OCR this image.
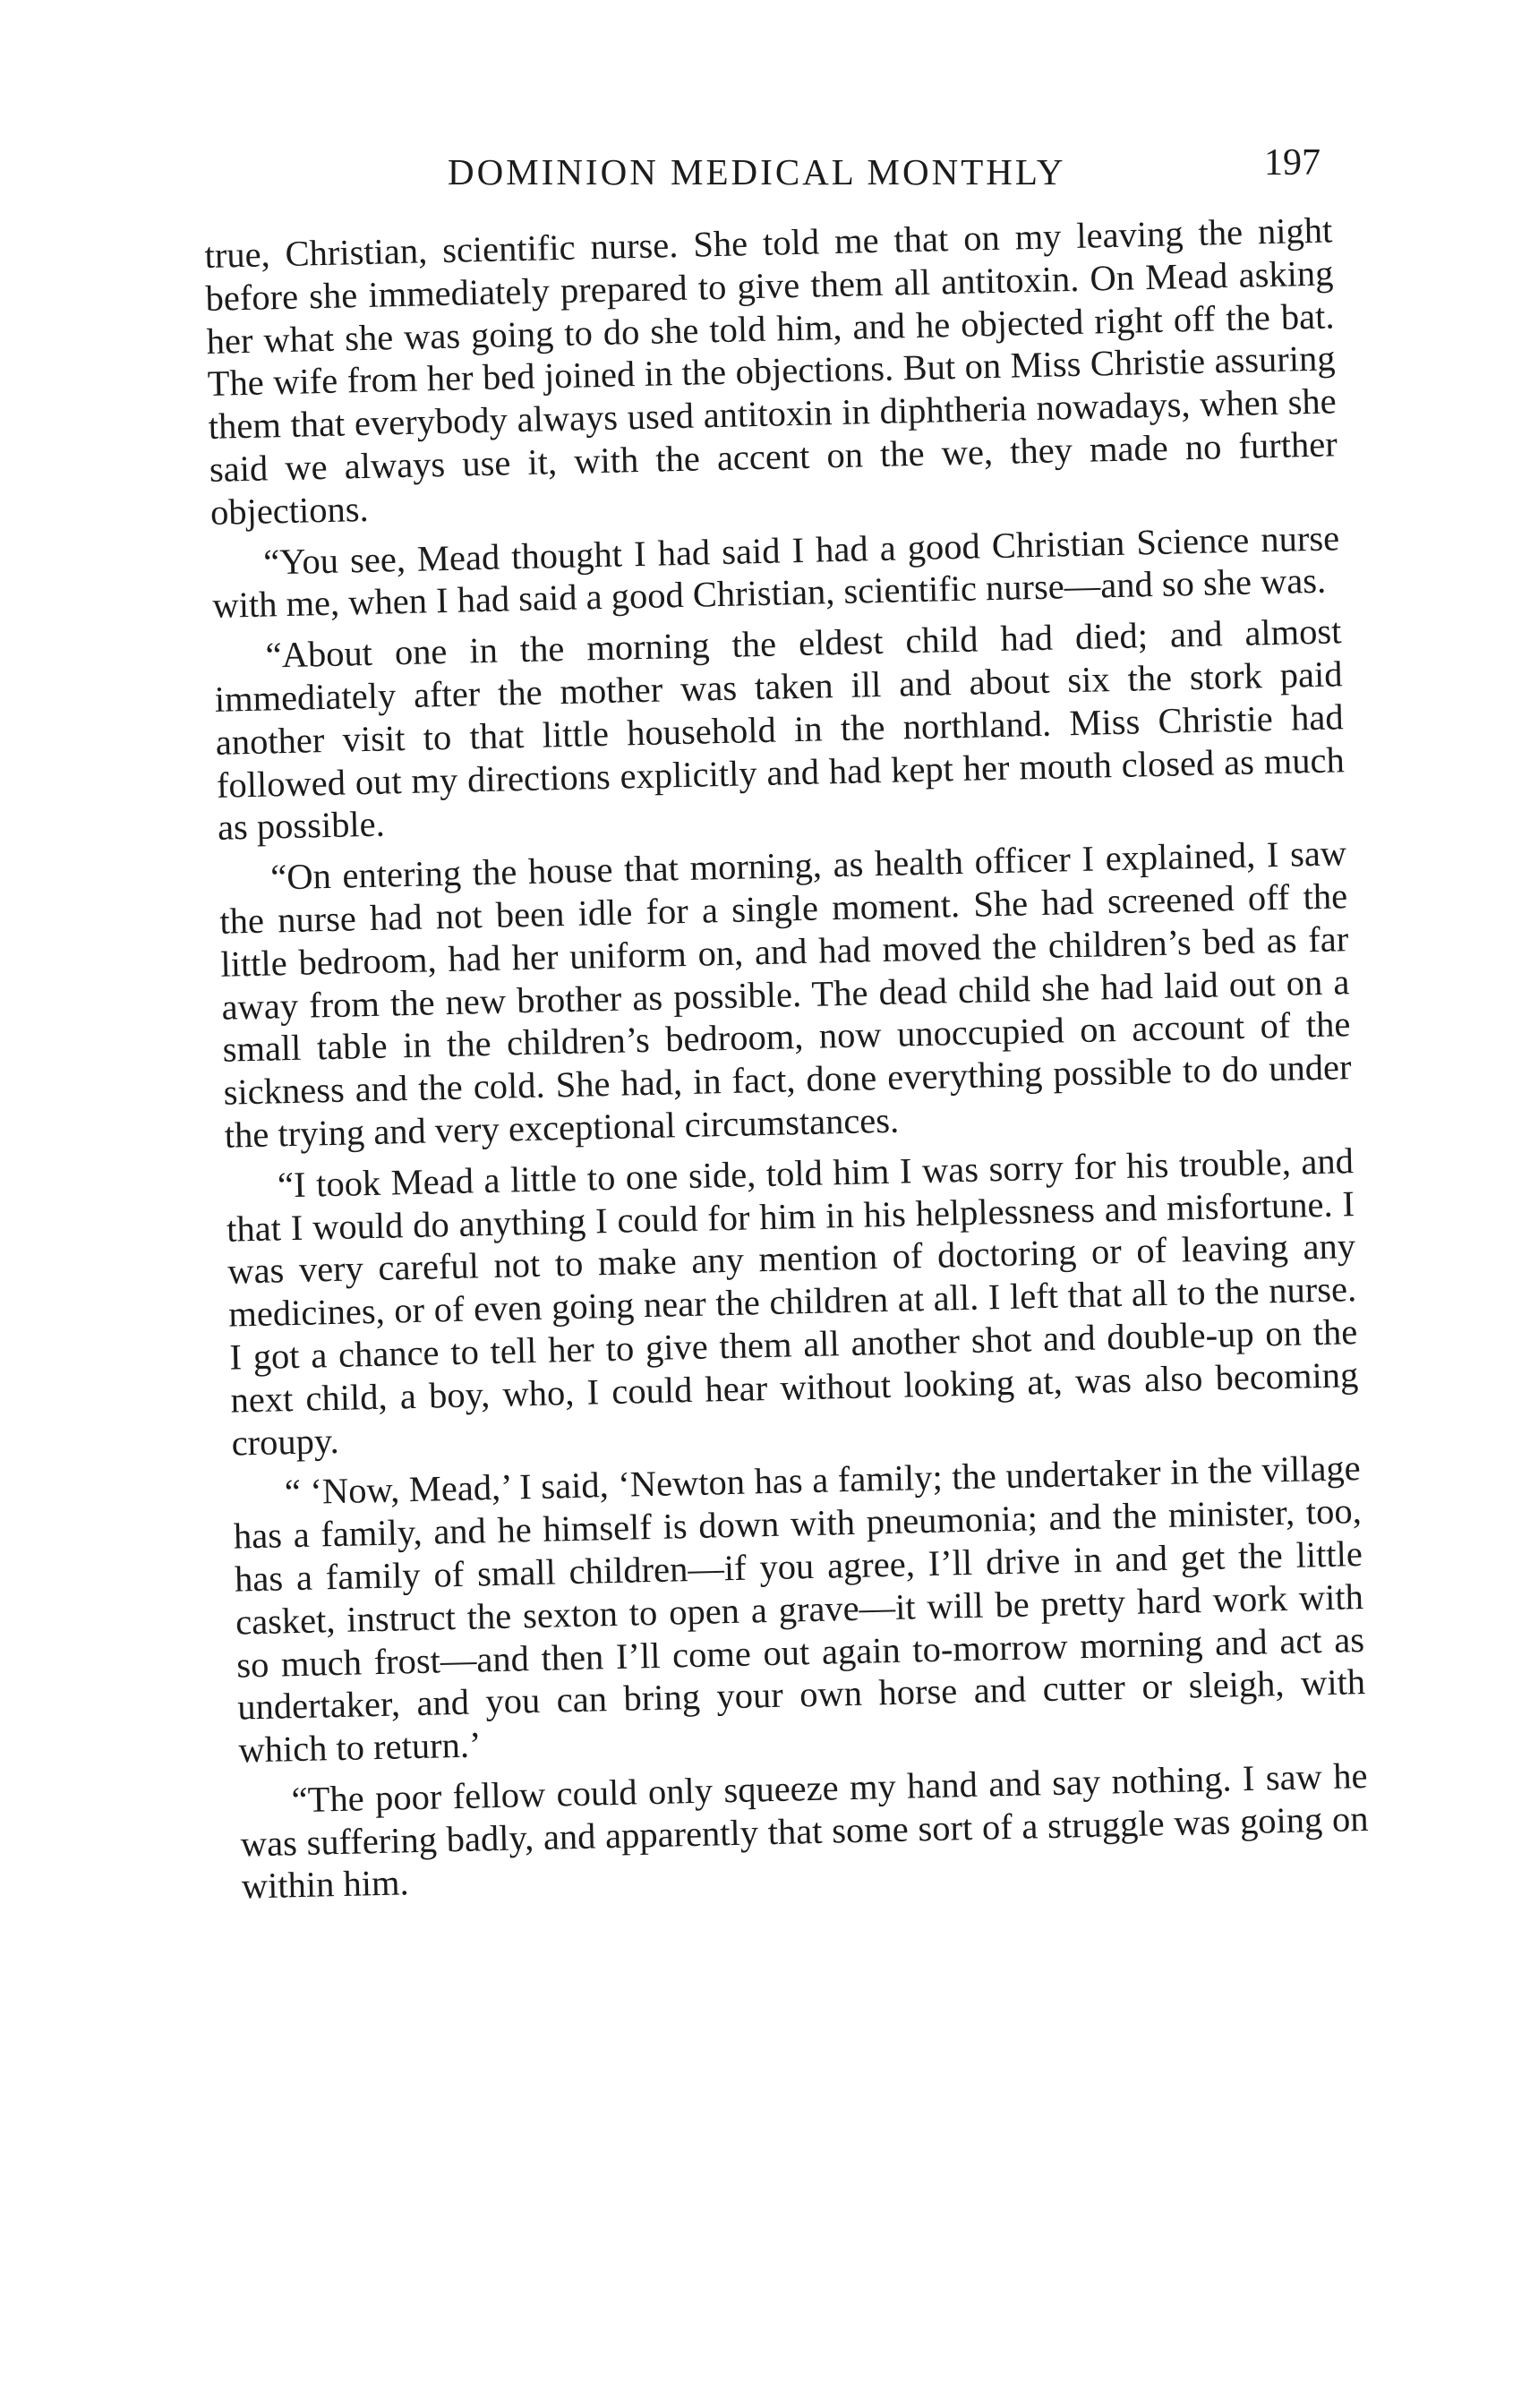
DOMINION MEDICAL MONTHLY	197

true, Christian, scientific nurse. She told me that on my leaving the night before she immediately prepared to give them all antitoxin. On Mead asking her what she was going to do she told him, and he objected right off the bat. The wife from her bed joined in the objections. But on Miss Christie assuring them that everybody always used antitoxin in diphtheria nowadays, when she said we always use it, with the accent on the we, they made no further objections.

“You see, Mead thought I had said I had a good Christian Science nurse with me, when I had said a good Christian, scientific nurse—and so she was.

“About one in the morning the eldest child had died; and almost immediately after the mother was taken ill and about six the stork paid another visit to that little household in the northland. Miss Christie had followed out my directions explicitly and had kept her mouth closed as much as possible.

“On entering the house that morning, as health officer I explained, I saw the nurse had not been idle for a single moment. She had screened off the little bedroom, had her uniform on, and had moved the children’s bed as far away from the new brother as possible. The dead child she had laid out on a small table in the children’s bedroom, now unoccupied on account of the sickness and the cold. She had, in fact, done everything possible to do under the trying and very exceptional circumstances.

“I took Mead a little to one side, told him I was sorry for his trouble, and that I would do anything I could for him in his helplessness and misfortune. I was very careful not to make any mention of doctoring or of leaving any medicines, or of even going near the children at all. I left that all to the nurse. I got a chance to tell her to give them all another shot and double-up on the next child, a boy, who, I could hear without looking at, was also becoming croupy.

“ ‘Now, Mead,’ I said, ‘Newton has a family; the undertaker in the village has a family, and he himself is down with pneumonia; and the minister, too, has a family of small children—if you agree, I’ll drive in and get the little casket, instruct the sexton to open a grave—it will be pretty hard work with so much frost—and then I’ll come out again to-morrow morning and act as undertaker, and you can bring your own horse and cutter or sleigh, with which to return.’

“The poor fellow could only squeeze my hand and say nothing. I saw he was suffering badly, and apparently that some sort of a struggle was going on within him.
